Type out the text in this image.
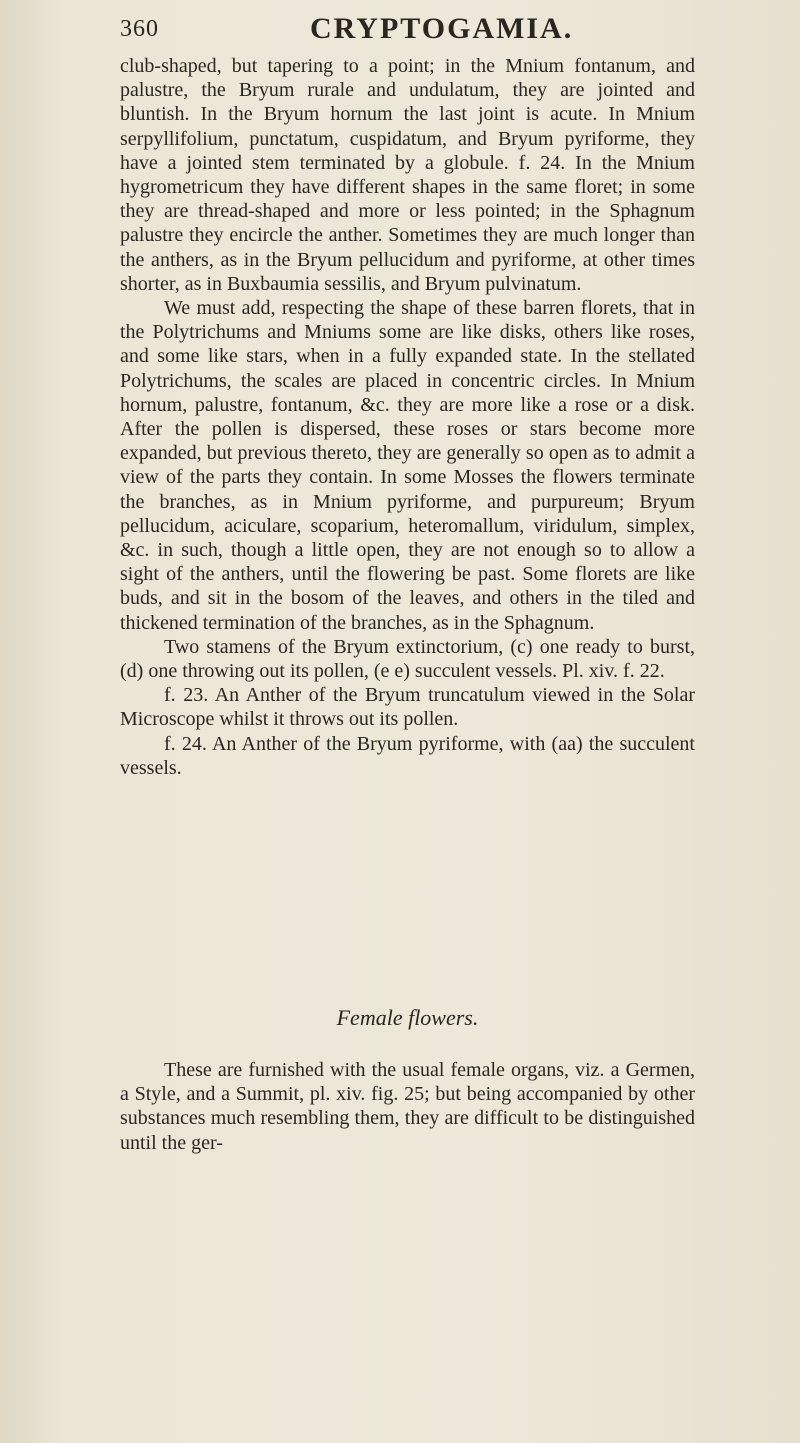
360	CRYPTOGAMIA.

club-shaped, but tapering to a point; in the Mnium fontanum, and palustre, the Bryum rurale and undulatum, they are jointed and bluntish. In the Bryum hornum the last joint is acute. In Mnium serpyllifolium, punctatum, cuspidatum, and Bryum pyriforme, they have a jointed stem terminated by a globule. f. 24. In the Mnium hygrometricum they have different shapes in the same floret; in some they are thread-shaped and more or less pointed; in the Sphagnum palustre they encircle the anther. Sometimes they are much longer than the anthers, as in the Bryum pellucidum and pyriforme, at other times shorter, as in Buxbaumia sessilis, and Bryum pulvinatum.

We must add, respecting the shape of these barren florets, that in the Polytrichums and Mniums some are like disks, others like roses, and some like stars, when in a fully expanded state. In the stellated Polytrichums, the scales are placed in concentric circles. In Mnium hornum, palustre, fontanum, &c. they are more like a rose or a disk. After the pollen is dispersed, these roses or stars become more expanded, but previous thereto, they are generally so open as to admit a view of the parts they contain. In some Mosses the flowers terminate the branches, as in Mnium pyriforme, and purpureum; Bryum pellucidum, aciculare, scoparium, heteromallum, viridulum, simplex, &c. in such, though a little open, they are not enough so to allow a sight of the anthers, until the flowering be past. Some florets are like buds, and sit in the bosom of the leaves, and others in the tiled and thickened termination of the branches, as in the Sphagnum.

Two stamens of the Bryum extinctorium, (c) one ready to burst, (d) one throwing out its pollen, (e e) succulent vessels. Pl. xiv. f. 22.

f. 23. An Anther of the Bryum truncatulum viewed in the Solar Microscope whilst it throws out its pollen.

f. 24. An Anther of the Bryum pyriforme, with (aa) the succulent vessels.

Female flowers.

These are furnished with the usual female organs, viz. a Germen, a Style, and a Summit, pl. xiv. fig. 25; but being accompanied by other substances much resembling them, they are difficult to be distinguished until the ger-
